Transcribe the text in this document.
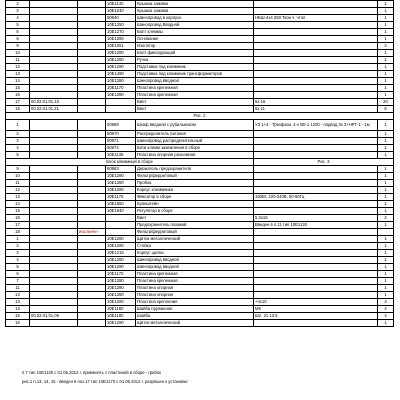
2			10E1140	Крышка зажима		1
3			10E1240	Крышка зажима		1
4			50940	Шинопровод в корпусе	НБШ-4х4 250 Ткон ч. чтол	1
5			10E1250	Шинопровод Вводной		1
6			10E1270	Болт клеммы		1
8			10E1280	Основание		1
9			10E1051	Изолятор		2
10			10E1280	Болт фиксирующий		1
11			10E1280	Ручка		1
12			10E1280	Подставка под клеммник		1
13			10E1490	Подставка под клеммник трансформаторов		1
14			10E1280	Шинопровод вводной		1
15			10E1170	Пластина крепежная		1
16			10E1280	Пластина крепежная		1
17	00.02.01.01.15			Винт	5х 16	20
18	00.02.01.01.21			Винт	5х 11	6
Рис. 2						
1			50969	Шкаф вводной с рубильником	УЗ 1+4 - Трехфазн. 4-х ВК-1 1200 - подвод 3х 3+НРТ-1 - 1м	1
2			50970	Распределитель питания		1
3			50971	Шинопровод распределительный		1
4			50972	Блок клемм заземления в сборе		1
5			10E1135	Пластина опорная разъемная		1
Блок клеммный в сборе					Рис. 3	
9			50963	Держатель предохранителя		1
10			10E1280	Фильтр/ферритовый		1
11			10E1280	Пробка		1
12			10E1280	Корпус клеммника		1
13			10E1175	Фиксатор в сборе	150Вт, 220-240В, 50-60Гц	1
14			10E1850	Кронштейн		1
15			10E1840	Регулятор в сборе		1
16				Винт	5.3х15	2
17				Предохранитель плавкий	Введен в п.11 тип 10E1130	1
18		исключен		Фильтр/ферритовый		
1			10E1280	Щиток металлический		1
2			10E1280	Стойка		1
3			10E1215	Корпус щитка		1
4			10E1280	Шинопровод вводной		1
5			10E1290	Шинопровод вводной		1
6			10E1170	Пластина крепежная		1
7			10E1280	Пластина крепежная		1
11			10E1280	Пластина опорная		1
12			10E1280	Пластина опорная		1
13			10E1280	Пластина крепления	+4х10	4
14			10E1180	Шайба пружинная	М6	4
15	00.02.01.01.06		10E1180	Шайба	Шл. 21 13.5	4
16			10E1280	Щиток металлический		1
п.7 тип 10E1135 с 01.05.2012 г. применять с пластиной в сборе - грибок
рис.1 п.13, 14, 15 - введен в поз.17 тип 10E1170 с 01.06.2012 г. разрешен к установке
